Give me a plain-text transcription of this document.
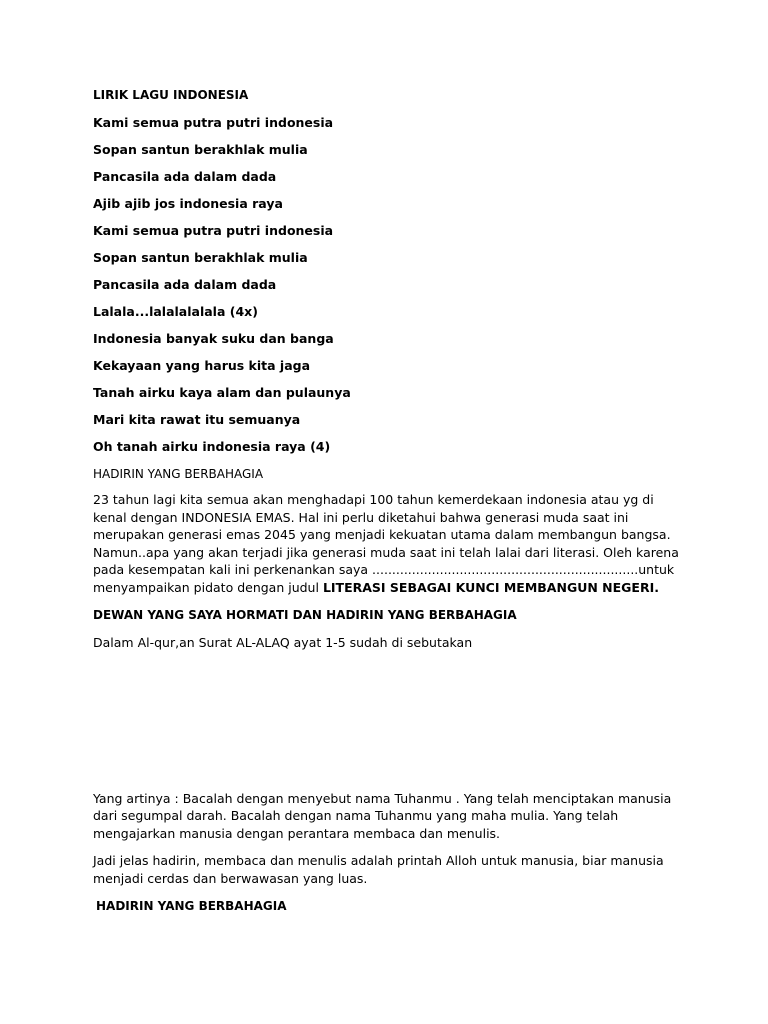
LIRIK LAGU INDONESIA

Kami semua putra putri indonesia

Sopan santun berakhlak mulia

Pancasila ada dalam dada

Ajib ajib jos indonesia raya

Kami semua putra putri indonesia

Sopan santun berakhlak mulia

Pancasila ada dalam dada

Lalala...lalalalalala (4x)

Indonesia banyak suku dan banga

Kekayaan yang harus kita jaga

Tanah airku kaya alam dan pulaunya

Mari kita rawat itu semuanya

Oh tanah airku indonesia raya (4)

HADIRIN YANG BERBAHAGIA

23 tahun lagi kita semua akan menghadapi 100 tahun kemerdekaan indonesia atau yg di kenal dengan INDONESIA EMAS. Hal ini perlu diketahui bahwa generasi muda saat ini merupakan generasi emas 2045 yang menjadi kekuatan utama dalam membangun bangsa. Namun..apa yang akan terjadi jika generasi muda saat ini telah lalai dari literasi. Oleh karena pada kesempatan kali ini perkenankan saya ...................................................................untuk menyampaikan pidato dengan judul LITERASI SEBAGAI KUNCI MEMBANGUN NEGERI.

DEWAN YANG SAYA HORMATI DAN HADIRIN YANG BERBAHAGIA

Dalam Al-qur,an Surat AL-ALAQ ayat 1-5 sudah di sebutakan

Yang artinya : Bacalah dengan menyebut nama Tuhanmu . Yang telah menciptakan manusia dari segumpal darah. Bacalah dengan nama Tuhanmu yang maha mulia. Yang telah mengajarkan manusia dengan perantara membaca dan menulis.

Jadi jelas hadirin, membaca dan menulis adalah printah Alloh untuk manusia, biar manusia menjadi cerdas dan berwawasan yang luas.

HADIRIN YANG BERBAHAGIA
